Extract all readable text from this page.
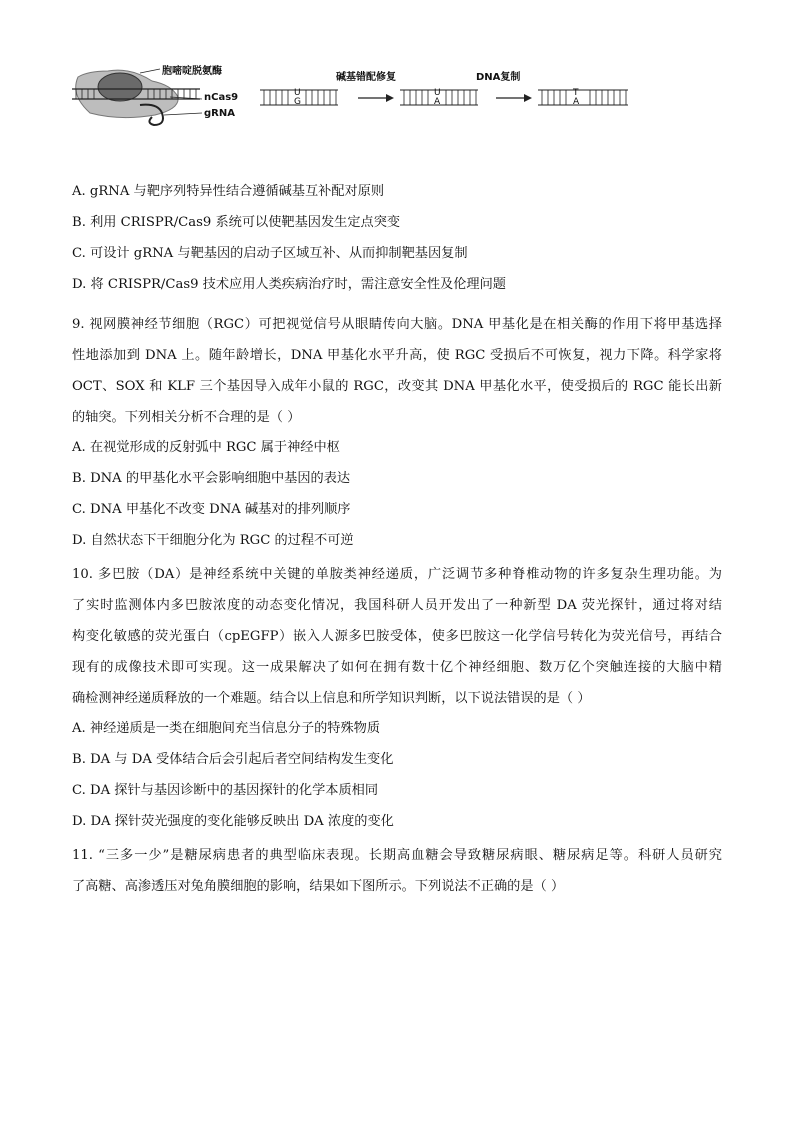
胞嘧啶脱氨酶
nCas9
gRNA
碱基错配修复	DNA复制
U
G
U
A
T
A
A. gRNA 与靶序列特异性结合遵循碱基互补配对原则
B. 利用 CRISPR/Cas9 系统可以使靶基因发生定点突变
C. 可设计 gRNA 与靶基因的启动子区域互补、从而抑制靶基因复制
D. 将 CRISPR/Cas9 技术应用人类疾病治疗时，需注意安全性及伦理问题
9. 视网膜神经节细胞（RGC）可把视觉信号从眼睛传向大脑。DNA 甲基化是在相关酶的作用下将甲基选择
性地添加到 DNA 上。随年龄增长，DNA 甲基化水平升高，使 RGC 受损后不可恢复，视力下降。科学家将
OCT、SOX 和 KLF 三个基因导入成年小鼠的 RGC，改变其 DNA 甲基化水平，使受损后的 RGC 能长出新
的轴突。下列相关分析不合理的是（ ）
A. 在视觉形成的反射弧中 RGC 属于神经中枢
B. DNA 的甲基化水平会影响细胞中基因的表达
C. DNA 甲基化不改变 DNA 碱基对的排列顺序
D. 自然状态下干细胞分化为 RGC 的过程不可逆
10. 多巴胺（DA）是神经系统中关键的单胺类神经递质，广泛调节多种脊椎动物的许多复杂生理功能。为
了实时监测体内多巴胺浓度的动态变化情况，我国科研人员开发出了一种新型 DA 荧光探针，通过将对结
构变化敏感的荧光蛋白（cpEGFP）嵌入人源多巴胺受体，使多巴胺这一化学信号转化为荧光信号，再结合
现有的成像技术即可实现。这一成果解决了如何在拥有数十亿个神经细胞、数万亿个突触连接的大脑中精
确检测神经递质释放的一个难题。结合以上信息和所学知识判断，以下说法错误的是（ ）
A. 神经递质是一类在细胞间充当信息分子的特殊物质
B. DA 与 DA 受体结合后会引起后者空间结构发生变化
C. DA 探针与基因诊断中的基因探针的化学本质相同
D. DA 探针荧光强度的变化能够反映出 DA 浓度的变化
11. “三多一少”是糖尿病患者的典型临床表现。长期高血糖会导致糖尿病眼、糖尿病足等。科研人员研究
了高糖、高渗透压对兔角膜细胞的影响，结果如下图所示。下列说法不正确的是（ ）
